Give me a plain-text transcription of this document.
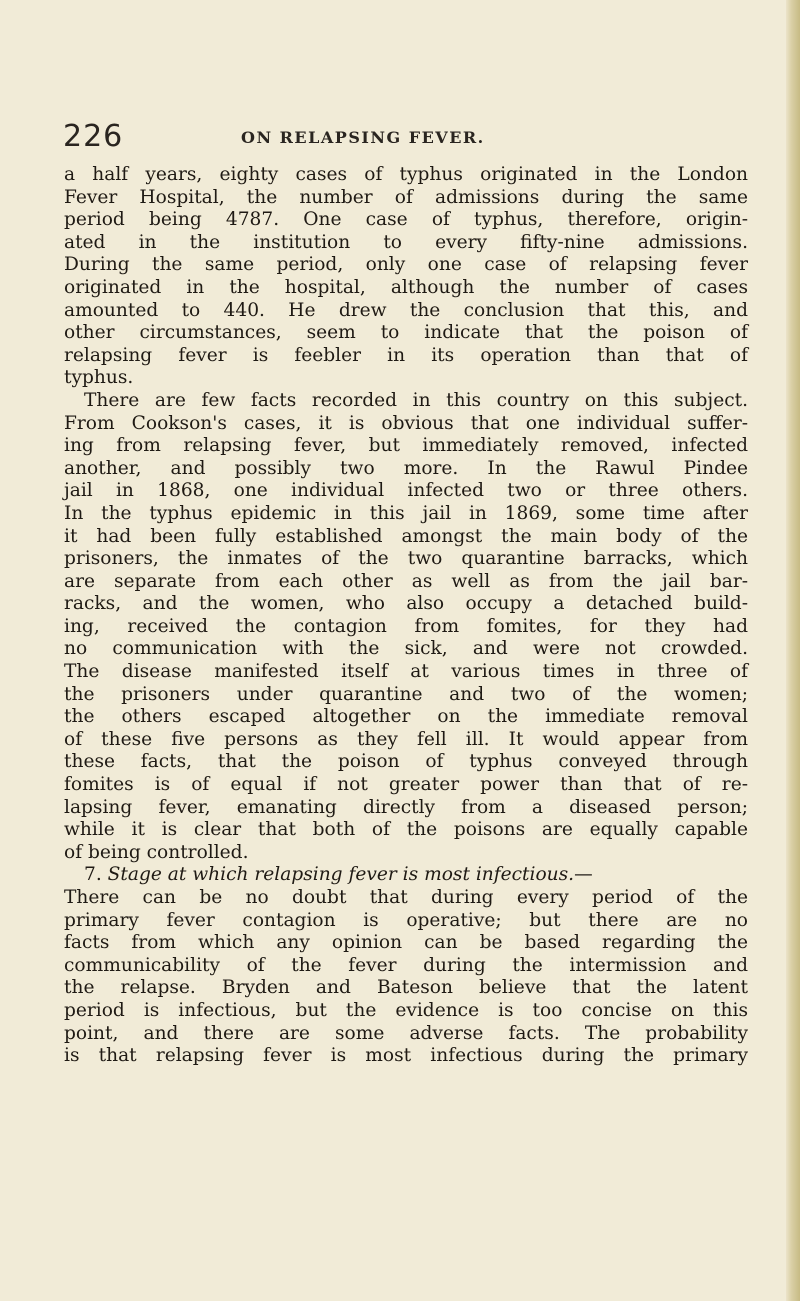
226	ON RELAPSING FEVER.
a half years, eighty cases of typhus originated in the London
Fever Hospital, the number of admissions during the same
period being 4787. One case of typhus, therefore, origin-
ated in the institution to every fifty-nine admissions.
During the same period, only one case of relapsing fever
originated in the hospital, although the number of cases
amounted to 440. He drew the conclusion that this, and
other circumstances, seem to indicate that the poison of
relapsing fever is feebler in its operation than that of
typhus.
There are few facts recorded in this country on this subject.
From Cookson's cases, it is obvious that one individual suffer-
ing from relapsing fever, but immediately removed, infected
another, and possibly two more. In the Rawul Pindee
jail in 1868, one individual infected two or three others.
In the typhus epidemic in this jail in 1869, some time after
it had been fully established amongst the main body of the
prisoners, the inmates of the two quarantine barracks, which
are separate from each other as well as from the jail bar-
racks, and the women, who also occupy a detached build-
ing, received the contagion from fomites, for they had
no communication with the sick, and were not crowded.
The disease manifested itself at various times in three of
the prisoners under quarantine and two of the women;
the others escaped altogether on the immediate removal
of these five persons as they fell ill. It would appear from
these facts, that the poison of typhus conveyed through
fomites is of equal if not greater power than that of re-
lapsing fever, emanating directly from a diseased person;
while it is clear that both of the poisons are equally capable
of being controlled.
7. Stage at which relapsing fever is most infectious.—
There can be no doubt that during every period of the
primary fever contagion is operative; but there are no
facts from which any opinion can be based regarding the
communicability of the fever during the intermission and
the relapse. Bryden and Bateson believe that the latent
period is infectious, but the evidence is too concise on this
point, and there are some adverse facts. The probability
is that relapsing fever is most infectious during the primary
